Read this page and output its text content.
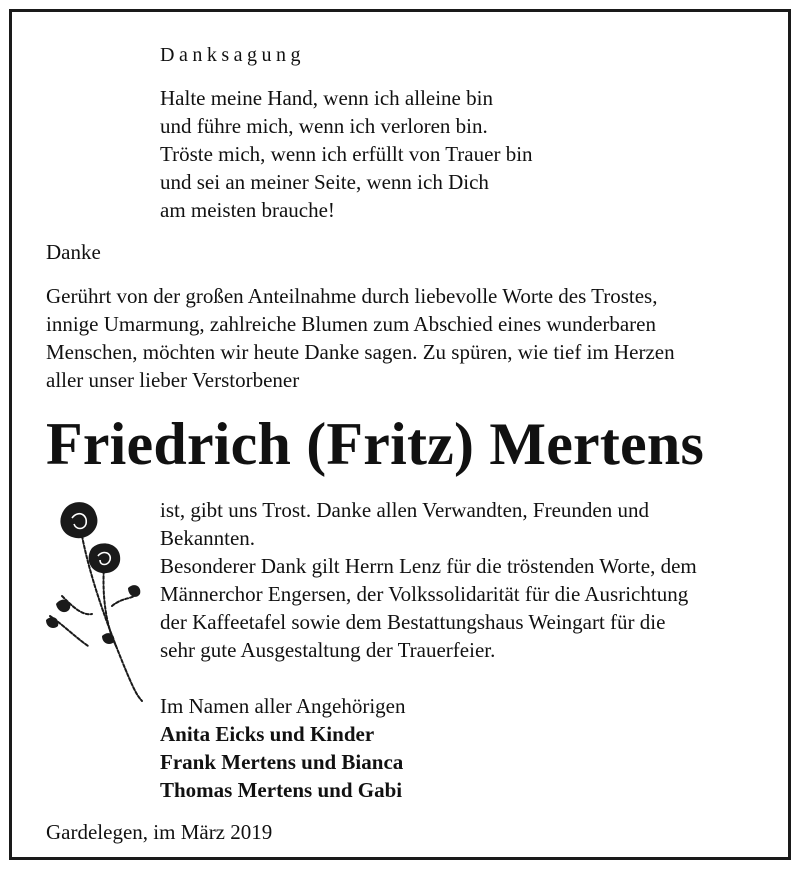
Danksagung
Halte meine Hand, wenn ich alleine bin
und führe mich, wenn ich verloren bin.
Tröste mich, wenn ich erfüllt von Trauer bin
und sei an meiner Seite, wenn ich Dich
am meisten brauche!
Danke
Gerührt von der großen Anteilnahme durch liebevolle Worte des Trostes,
innige Umarmung, zahlreiche Blumen zum Abschied eines wunderbaren
Menschen, möchten wir heute Danke sagen. Zu spüren, wie tief im Herzen
aller unser lieber Verstorbener
Friedrich (Fritz) Mertens
ist, gibt uns Trost. Danke allen Verwandten, Freunden und
Bekannten.
Besonderer Dank gilt Herrn Lenz für die tröstenden Worte, dem
Männerchor Engersen, der Volkssolidarität für die Ausrichtung
der Kaffeetafel sowie dem Bestattungshaus Weingart für die
sehr gute Ausgestaltung der Trauerfeier.
Im Namen aller Angehörigen
Anita Eicks und Kinder
Frank Mertens und Bianca
Thomas Mertens und Gabi
Gardelegen, im März 2019
